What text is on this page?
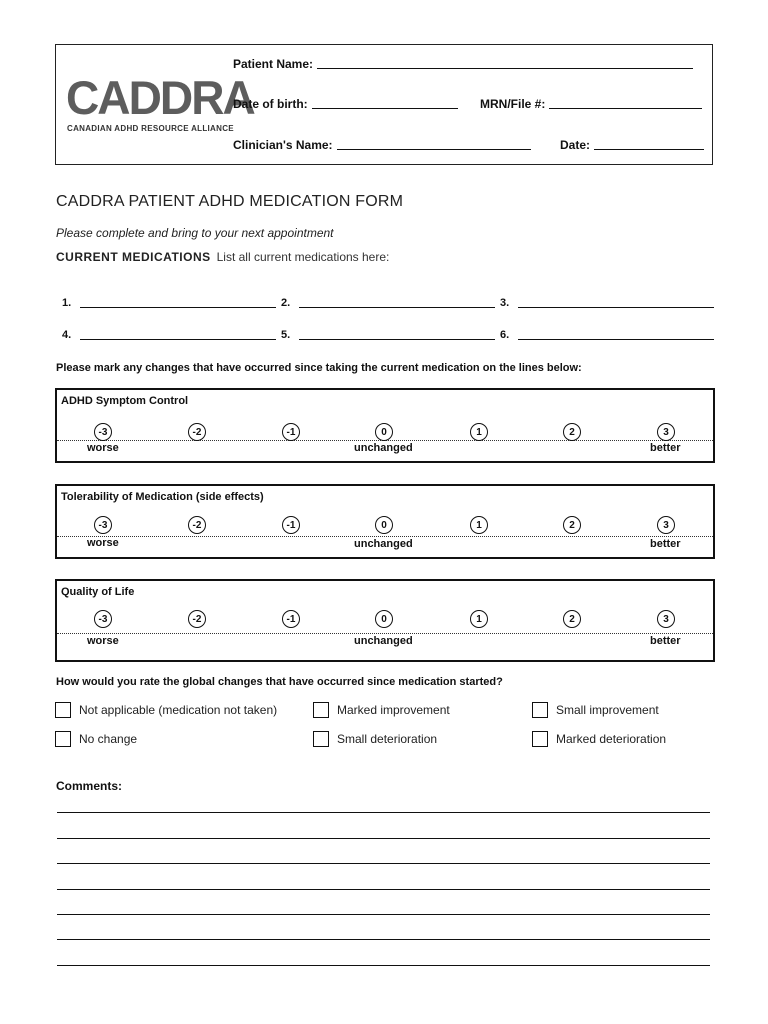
CADDRA
CANADIAN ADHD RESOURCE ALLIANCE
Patient Name:
Date of birth:	MRN/File #:
Clinician's Name:	Date:
CADDRA PATIENT ADHD MEDICATION FORM
Please complete and bring to your next appointment
CURRENT MEDICATIONS List all current medications here:
1.	2.	3.
4.	5.	6.
Please mark any changes that have occurred since taking the current medication on the lines below:
ADHD Symptom Control
-3	-2	-1	0	1	2	3
worse	unchanged	better
Tolerability of Medication (side effects)
-3	-2	-1	0	1	2	3
worse	unchanged	better
Quality of Life
-3	-2	-1	0	1	2	3
worse	unchanged	better
How would you rate the global changes that have occurred since medication started?
Not applicable (medication not taken)	Marked improvement	Small improvement
No change	Small deterioration	Marked deterioration
Comments:
